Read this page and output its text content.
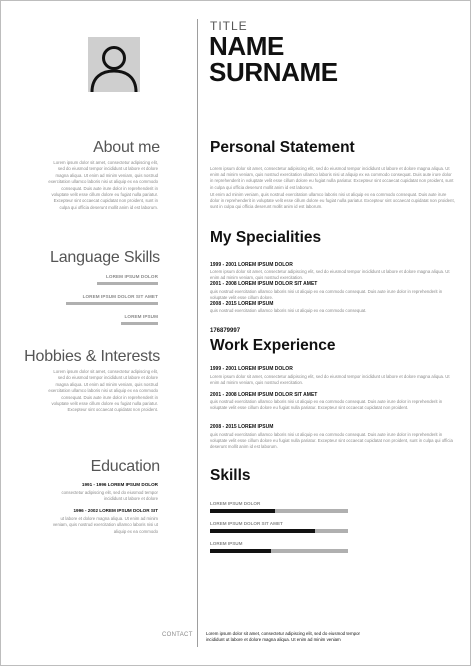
About me
Lorem ipsum dolor sit amet, consectetur adipiscing elit, sed do eiusmod tempor incididunt ut labore et dolore magna aliqua. Ut enim ad minim veniam, quis nostrud exercitation ullamco laboris nisi ut aliquip ex ea commodo consequat. Duis aute irure dolor in reprehenderit in voluptate velit esse cillum dolore eu fugiat nulla pariatur. Excepteur sint occaecat cupidatat non proident, sunt in culpa qui officia deserunt mollit anim id est laborum.
Language Skills
LOREM IPSUM DOLOR
LOREM IPSUM DOLOR SIT AMET
LOREM IPSUM
Hobbies & Interests
Lorem ipsum dolor sit amet, consectetur adipiscing elit, sed do eiusmod tempor incididunt ut labore et dolore magna aliqua. Ut enim ad minim veniam, quis nostrud exercitation ullamco laboris nisi ut aliquip ex ea commodo consequat. Duis aute irure dolor in reprehenderit in voluptate velit esse cillum dolore eu fugiat nulla pariatur. Excepteur sint occaecat cupidatat non proident.
Education
1991 - 1996 LOREM IPSUM DOLOR
consectetur adipiscing elit, sed do eiusmod tempor incididunt ut labore et dolore
1996 - 2002 LOREM IPSUM DOLOR SIT
ut labore et dolore magna aliqua. Ut enim ad minim veniam, quis nostrud exercitation ullamco laboris nisi ut aliquip ex ea commodo
TITLE
NAME
SURNAME
Personal Statement
Lorem ipsum dolor sit amet, consectetur adipiscing elit, sed do eiusmod tempor incididunt ut labore et dolore magna aliqua. Ut enim ad minim veniam, quis nostrud exercitation ullamco laboris nisi ut aliquip ex ea commodo consequat. Duis aute irure dolor in reprehenderit in voluptate velit esse cillum dolore eu fugiat nulla pariatur. Excepteur sint occaecat cupidatat non proident, sunt in culpa qui officia deserunt mollit anim id est laborum.
Ut enim ad minim veniam, quis nostrud exercitation ullamco laboris nisi ut aliquip ex ea commodo consequat. Duis aute irure dolor in reprehenderit in voluptate velit esse cillum dolore eu fugiat nulla pariatur. Excepteur sint occaecat cupidatat non proident, sunt in culpa qui officia deserunt mollit anim id est laborum.
My Specialities
1999 - 2001 LOREM IPSUM DOLOR
Lorem ipsum dolor sit amet, consectetur adipiscing elit, sed do eiusmod tempor incididunt ut labore et dolore magna aliqua. Ut enim ad minim veniam, quis nostrud exercitation.
2001 - 2008 LOREM IPSUM DOLOR SIT AMET
quis nostrud exercitation ullamco laboris nisi ut aliquip ex ea commodo consequat. Duis aute irure dolor in reprehenderit in voluptate velit esse cillum dolore.
2008 - 2015 LOREM IPSUM
quis nostrud exercitation ullamco laboris nisi ut aliquip ex ea commodo consequat.
176879997
Work Experience
1999 - 2001 LOREM IPSUM DOLOR
Lorem ipsum dolor sit amet, consectetur adipiscing elit, sed do eiusmod tempor incididunt ut labore et dolore magna aliqua. Ut enim ad minim veniam, quis nostrud exercitation.
2001 - 2008 LOREM IPSUM DOLOR SIT AMET
quis nostrud exercitation ullamco laboris nisi ut aliquip ex ea commodo consequat. Duis aute irure dolor in reprehenderit in voluptate velit esse cillum dolore eu fugiat nulla pariatur. Excepteur sint occaecat cupidatat non proident.
2008 - 2015 LOREM IPSUM
quis nostrud exercitation ullamco laboris nisi ut aliquip ex ea commodo consequat. Duis aute irure dolor in reprehenderit in voluptate velit esse cillum dolore eu fugiat nulla pariatur. Excepteur sint occaecat cupidatat non proident, sunt in culpa qui officia deserunt mollit anim id est laborum.
Skills
LOREM IPSUM DOLOR
LOREM IPSUM DOLOR SIT AMET
LOREM IPSUM
CONTACT	Lorem ipsum dolor sit amet, consectetur adipiscing elit, sed do eiusmod tempor incididunt ut labore et dolore magna aliqua. Ut enim ad minim veniam
